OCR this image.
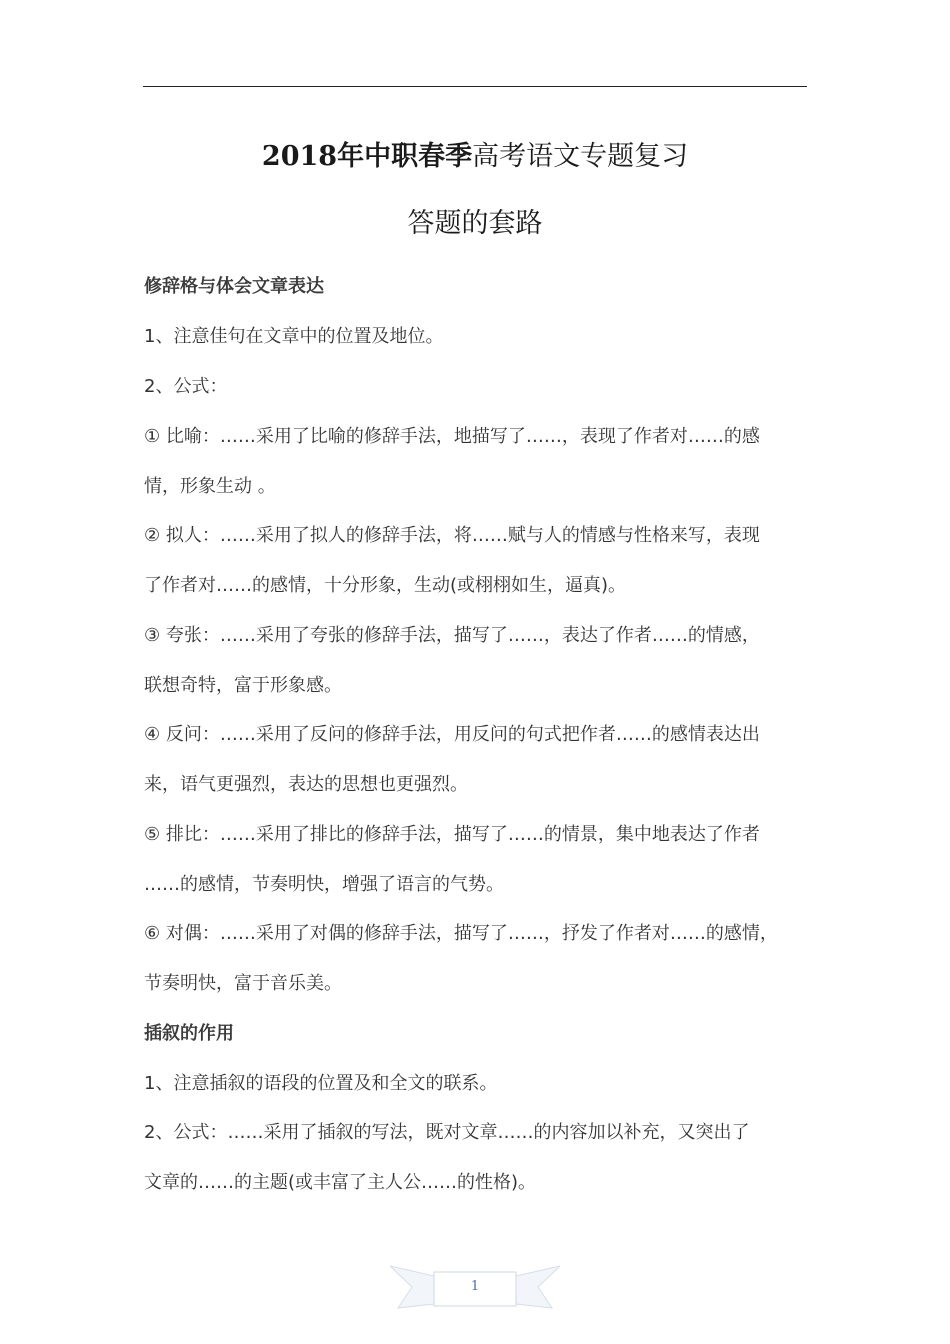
2018年中职春季高考语文专题复习
答题的套路
修辞格与体会文章表达
1、注意佳句在文章中的位置及地位。
2、公式：
① 比喻：……采用了比喻的修辞手法，地描写了……，表现了作者对……的感
情，形象生动 。
② 拟人：……采用了拟人的修辞手法，将……赋与人的情感与性格来写，表现
了作者对……的感情，十分形象，生动(或栩栩如生，逼真)。
③ 夸张：……采用了夸张的修辞手法，描写了……，表达了作者……的情感，
联想奇特，富于形象感。
④ 反问：……采用了反问的修辞手法，用反问的句式把作者……的感情表达出
来，语气更强烈，表达的思想也更强烈。
⑤ 排比：……采用了排比的修辞手法，描写了……的情景，集中地表达了作者
……的感情，节奏明快，增强了语言的气势。
⑥ 对偶：……采用了对偶的修辞手法，描写了……，抒发了作者对……的感情，
节奏明快，富于音乐美。
插叙的作用
1、注意插叙的语段的位置及和全文的联系。
2、公式：……采用了插叙的写法，既对文章……的内容加以补充，又突出了
文章的……的主题(或丰富了主人公……的性格)。
1
